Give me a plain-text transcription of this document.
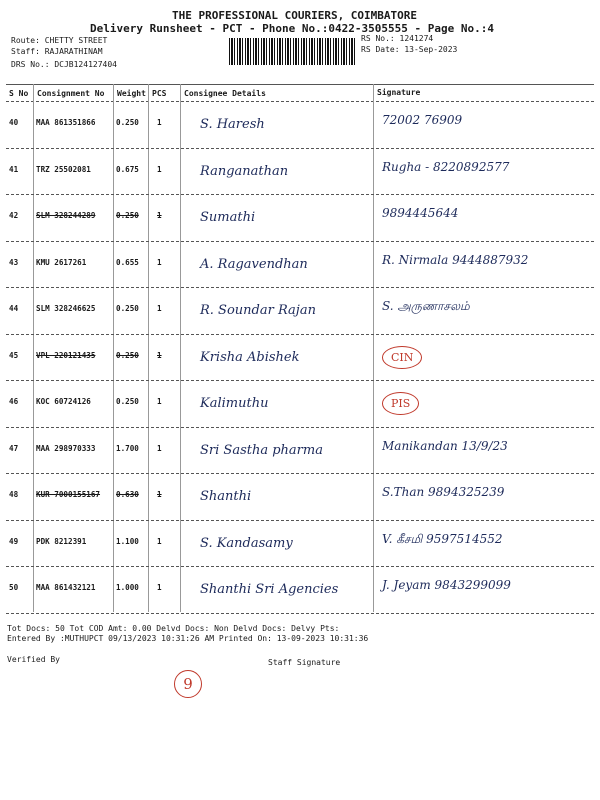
THE PROFESSIONAL COURIERS, COIMBATORE
Delivery Runsheet - PCT - Phone No.:0422-3505555 - Page No.:4
Route: CHETTY STREET
Staff: RAJARATHINAM
DRS No.: DCJB124127404
RS No.: 1241274
RS Date: 13-Sep-2023
S No Consignment No Weight PCS Consignee Details	Signature
40 MAA 861351866	0.250 1	S. Haresh	72002 76909
41 TRZ 25502081	0.675 1	Ranganathan	Rugha - 8220892577
42 SLM 328244289	0.250 1	Sumathi	9894445644
43 KMU 2617261	0.655 1	A. Ragavendhan	R. Nirmala 9444887932
44 SLM 328246625	0.250 1	R. Soundar Rajan	S. அருணாசலம்
45 VPL 220121435	0.250 1	Krisha Abishek	CIN
46 KOC 60724126	0.250 1	Kalimuthu	PIS
47 MAA 298970333	1.700 1	Sri Sastha pharma	Manikandan 13/9/23
48 KUR 7000155167 0.630 1	Shanthi	S.Than 9894325239
49 PDK 8212391	1.100 1	S. Kandasamy	V. கீசமி 9597514552
50 MAA 861432121	1.000 1	Shanthi Sri Agencies	J. Jeyam 9843299099
Tot Docs: 50 Tot COD Amt: 0.00 Delvd Docs: Non Delvd Docs: Delvy Pts:
Entered By :MUTHUPCT 09/13/2023 10:31:26 AM Printed On: 13-09-2023 10:31:36
Verified By	Staff Signature
9
